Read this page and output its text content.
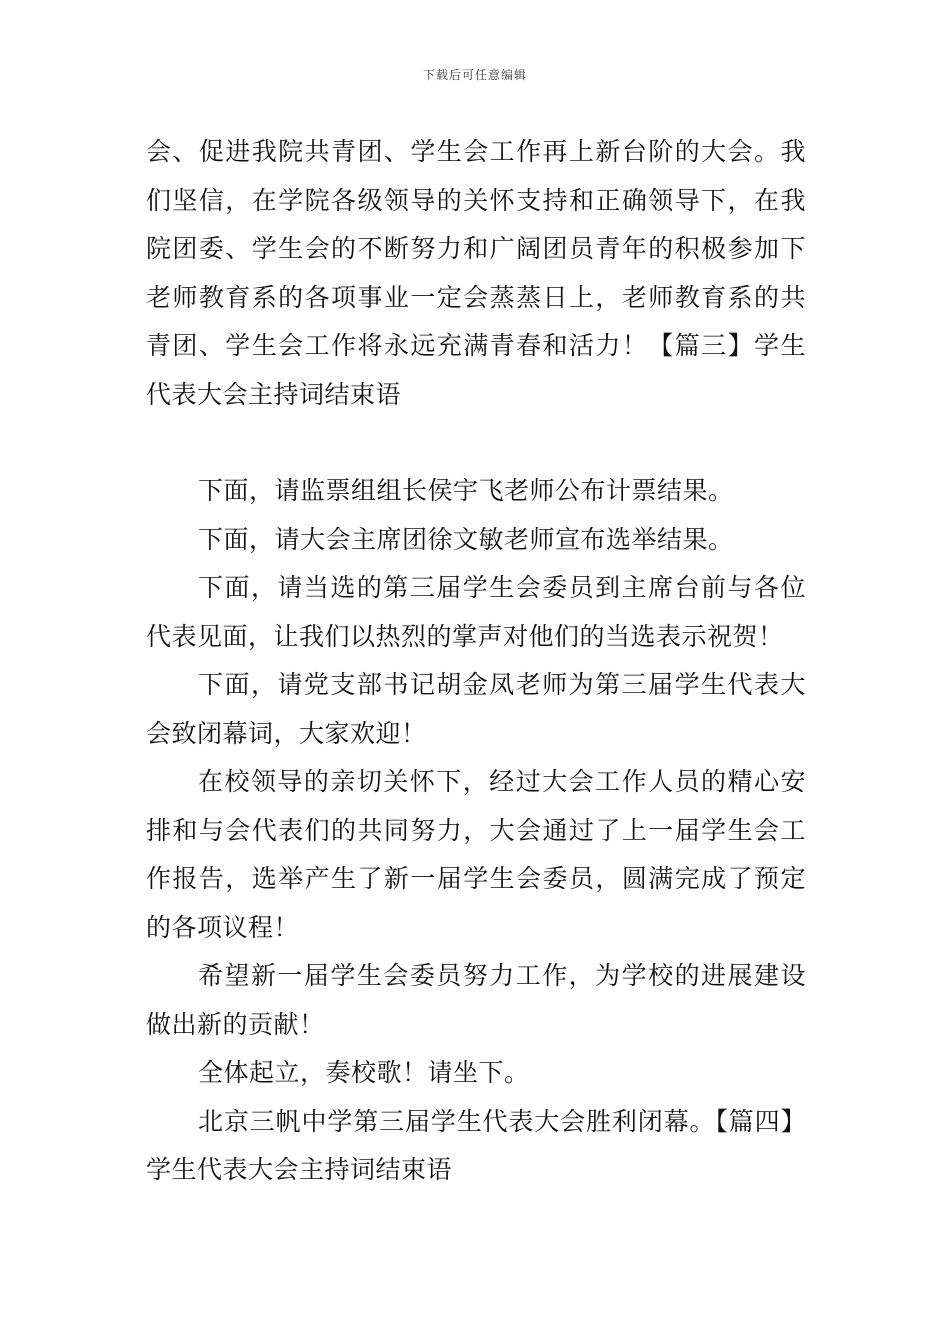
下载后可任意编辑

会、促进我院共青团、学生会工作再上新台阶的大会。我们坚信，在学院各级领导的关怀支持和正确领导下，在我院团委、学生会的不断努力和广阔团员青年的积极参加下老师教育系的各项事业一定会蒸蒸日上，老师教育系的共青团、学生会工作将永远充满青春和活力！【篇三】学生代表大会主持词结束语

下面，请监票组组长侯宇飞老师公布计票结果。

下面，请大会主席团徐文敏老师宣布选举结果。

下面，请当选的第三届学生会委员到主席台前与各位代表见面，让我们以热烈的掌声对他们的当选表示祝贺！

下面，请党支部书记胡金凤老师为第三届学生代表大会致闭幕词，大家欢迎！

在校领导的亲切关怀下，经过大会工作人员的精心安排和与会代表们的共同努力，大会通过了上一届学生会工作报告，选举产生了新一届学生会委员，圆满完成了预定的各项议程！

希望新一届学生会委员努力工作，为学校的进展建设做出新的贡献！

全体起立，奏校歌！请坐下。

北京三帆中学第三届学生代表大会胜利闭幕。【篇四】学生代表大会主持词结束语
